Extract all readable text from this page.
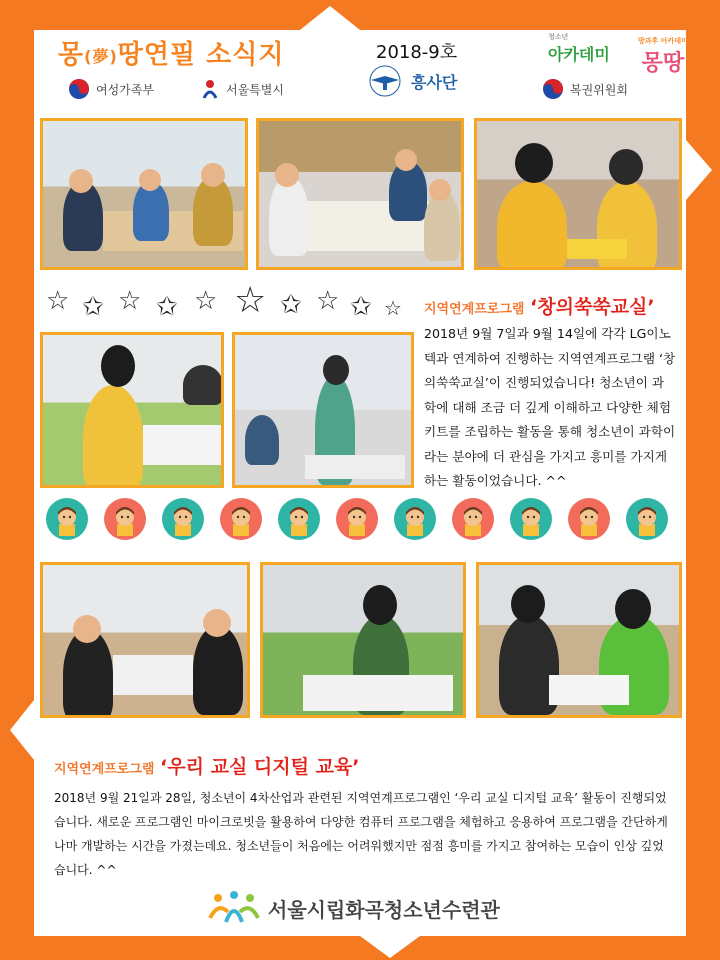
몽(夢)땅연필 소식지	2018-9호
여성가족부	서울특별시	흥사단
청소년
아카데미
방과후 아카데미
몽땅
복권위원회
☆ ✩ ☆ ✩ ☆ ☆ ✩ ☆ ✩ ☆ 지역연계프로그램 ‘창의쑥쑥교실’
2018년 9월 7일과 9월 14일에 각각 LG이노텍과 연계하여 진행하는 지역연계프로그램 ‘창의쑥쑥교실’이 진행되었습니다! 청소년이 과학에 대해 조금 더 깊게 이해하고 다양한 체험키트를 조립하는 활동을 통해 청소년이 과학이라는 분야에 더 관심을 가지고 흥미를 가지게 하는 활동이었습니다. ^^
지역연계프로그램 ‘우리 교실 디지털 교육’
2018년 9월 21일과 28일, 청소년이 4차산업과 관련된 지역연계프로그램인 ‘우리 교실 디지털 교육’ 활동이 진행되었습니다. 새로운 프로그램인 마이크로빗을 활용하여 다양한 컴퓨터 프로그램을 체험하고 응용하여 프로그램을 간단하게나마 개발하는 시간을 가졌는데요. 청소년들이 처음에는 어려워했지만 점점 흥미를 가지고 참여하는 모습이 인상 깊었습니다. ^^
서울시립화곡청소년수련관
